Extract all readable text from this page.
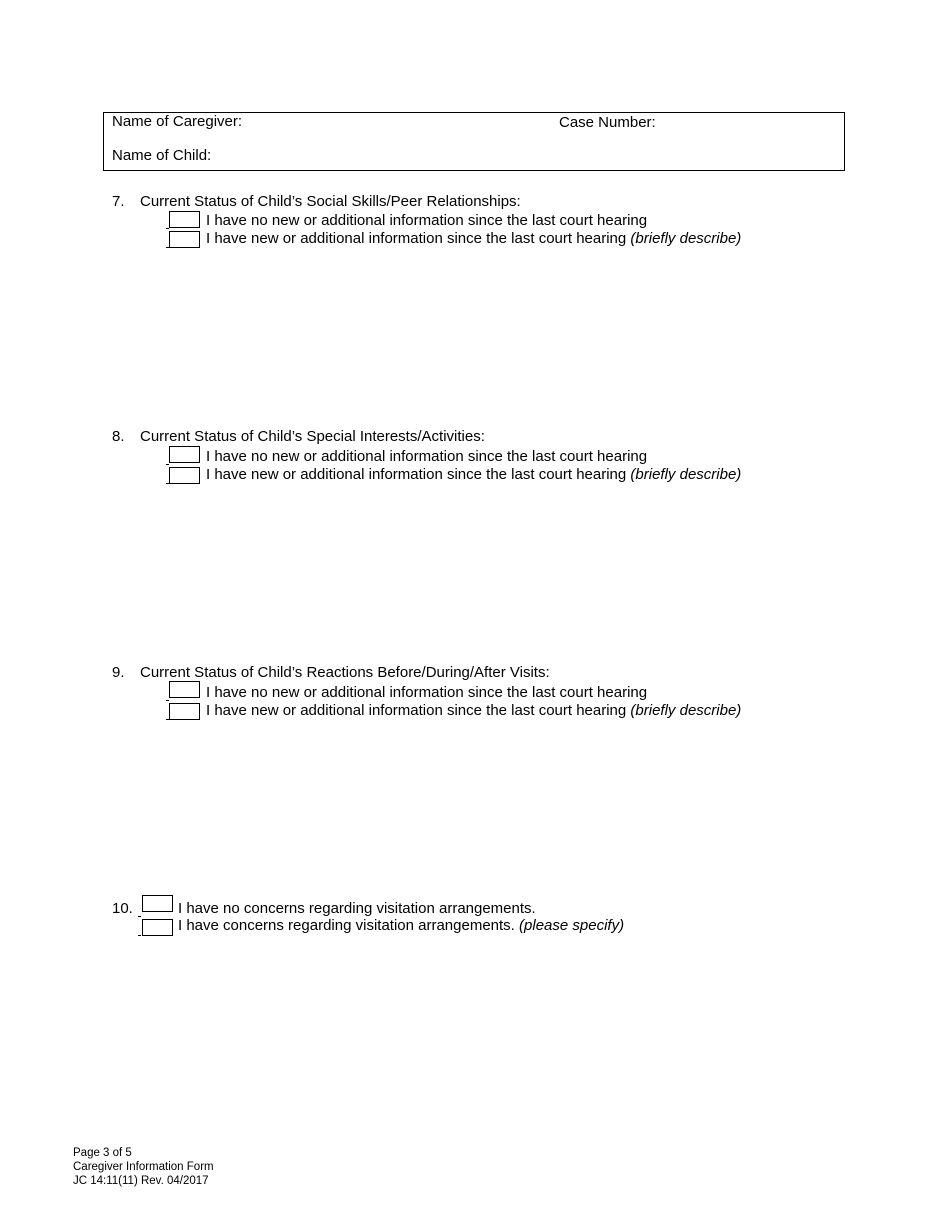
Name of Caregiver:	Case Number:
Name of Child:
7. Current Status of Child’s Social Skills/Peer Relationships:
I have no new or additional information since the last court hearing
I have new or additional information since the last court hearing (briefly describe)
8. Current Status of Child’s Special Interests/Activities:
I have no new or additional information since the last court hearing
I have new or additional information since the last court hearing (briefly describe)
9. Current Status of Child’s Reactions Before/During/After Visits:
I have no new or additional information since the last court hearing
I have new or additional information since the last court hearing (briefly describe)
10.	I have no concerns regarding visitation arrangements.
I have concerns regarding visitation arrangements. (please specify)
Page 3 of 5
Caregiver Information Form
JC 14:11(11) Rev. 04/2017
